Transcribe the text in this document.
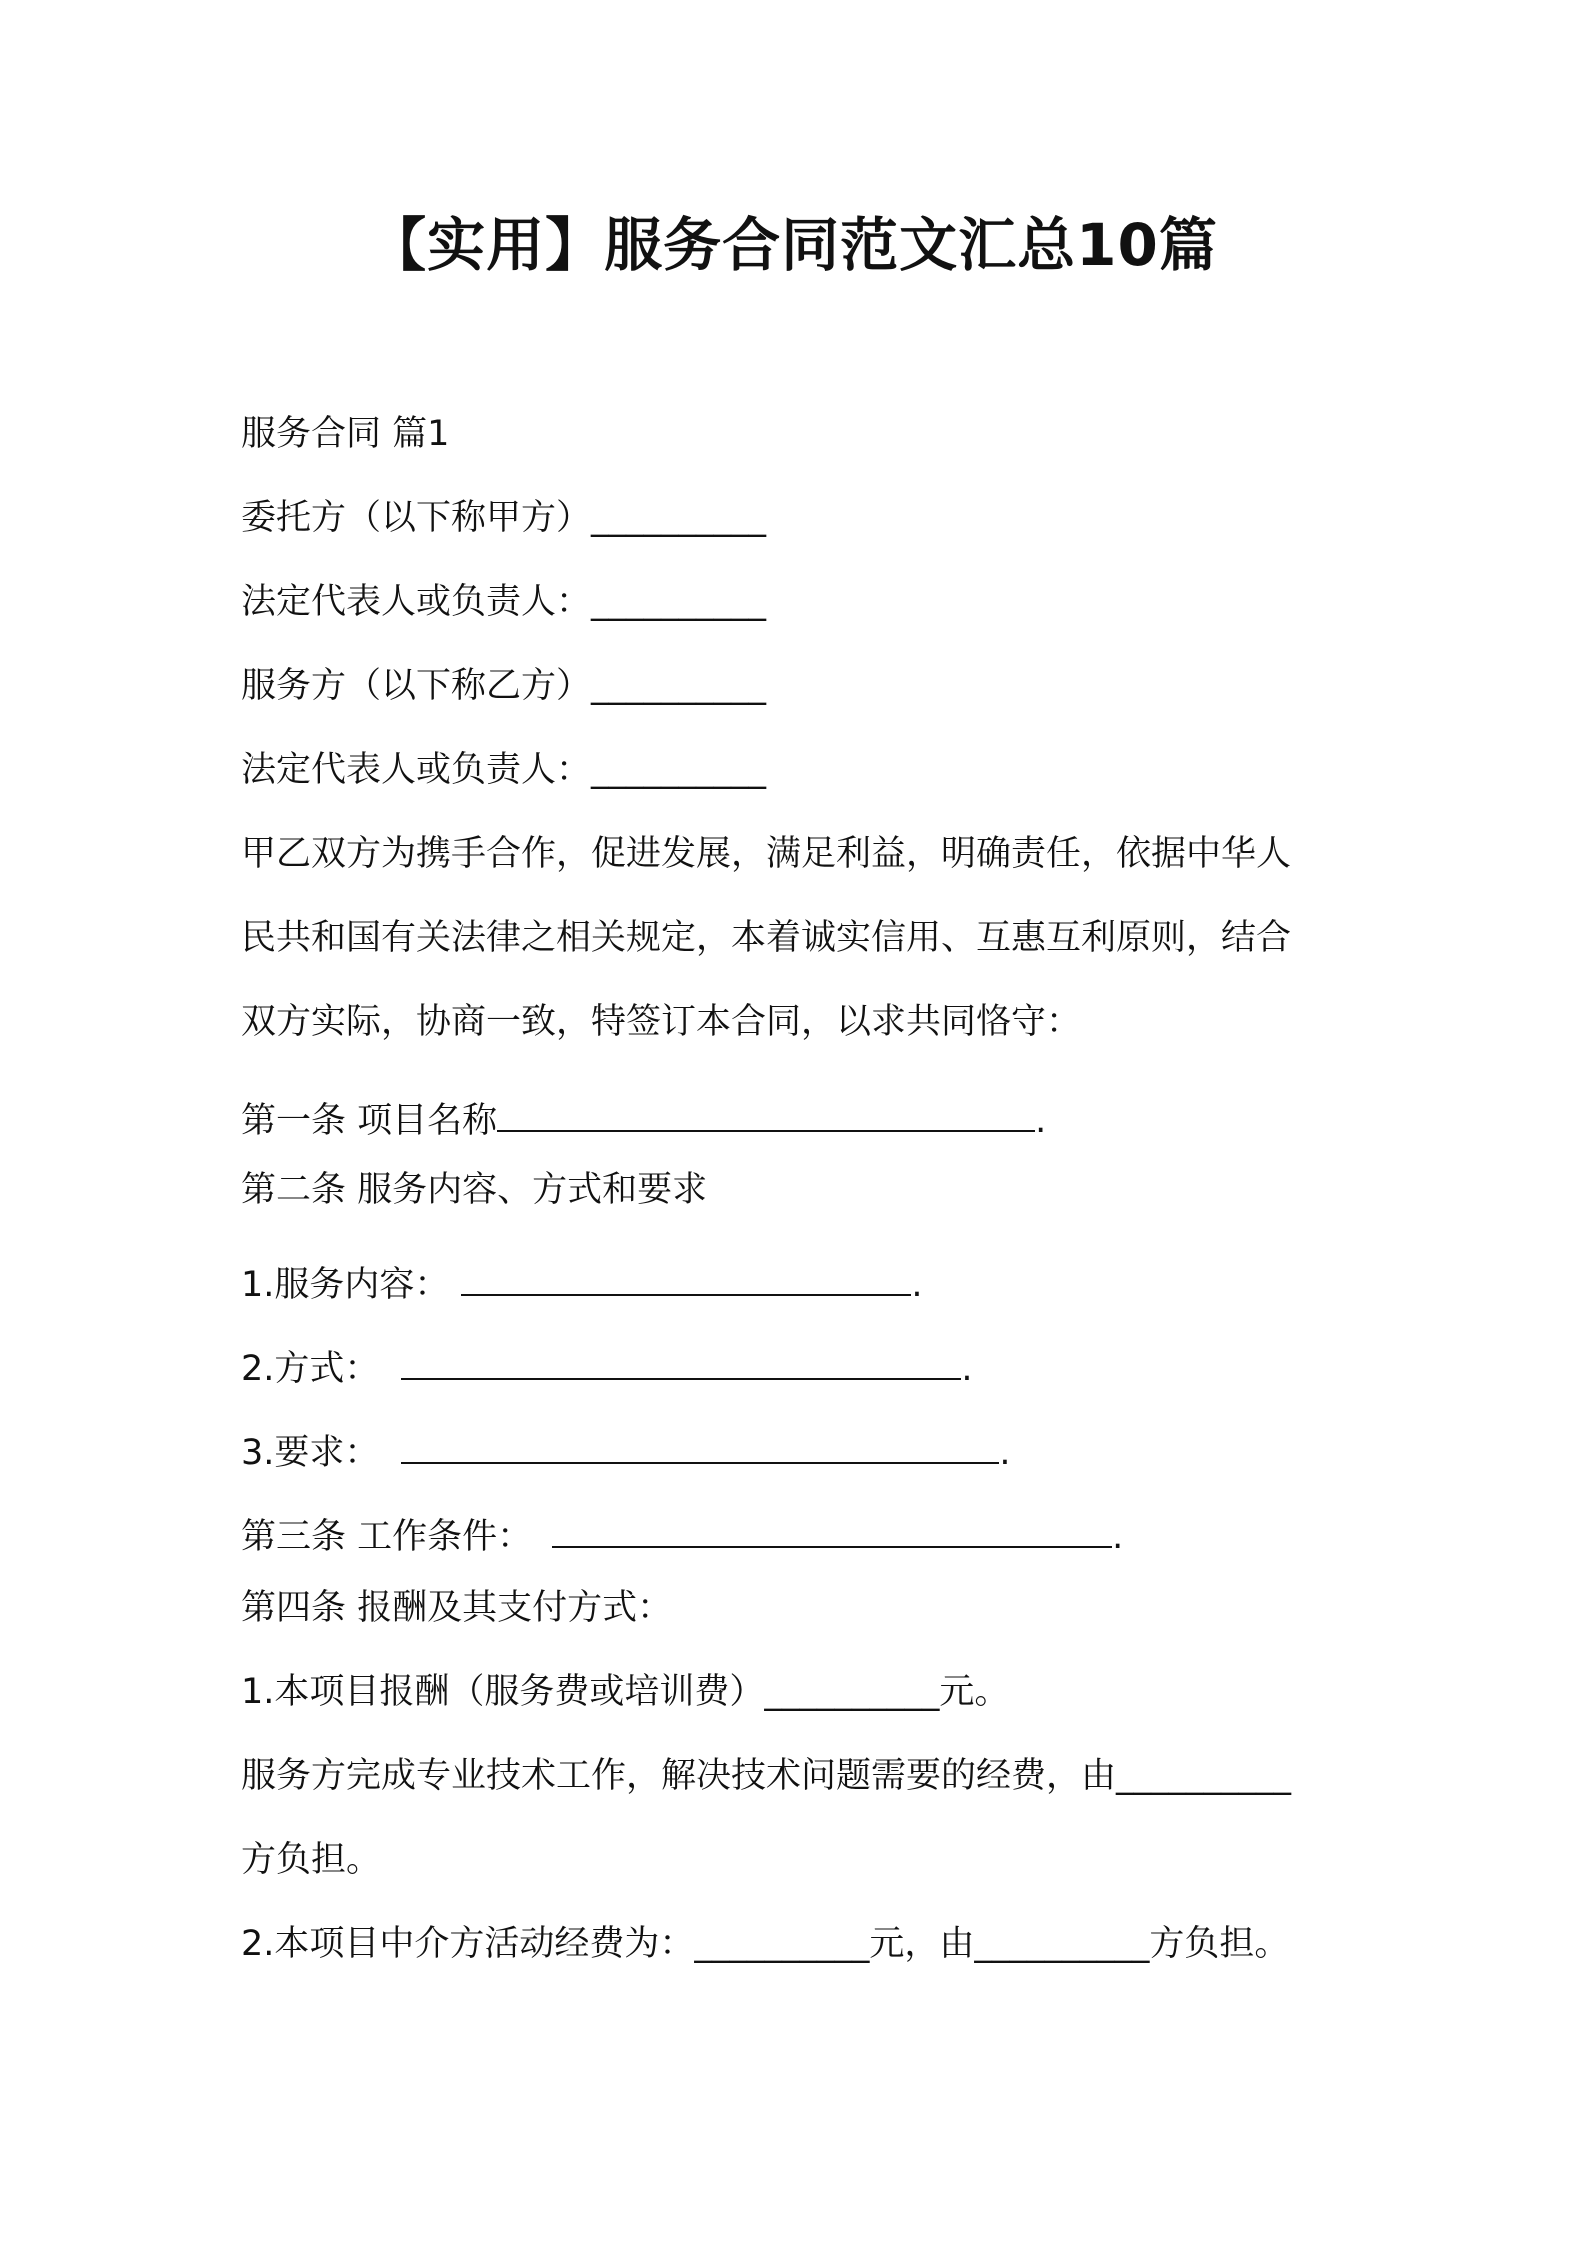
【实用】服务合同范文汇总10篇
服务合同 篇1
委托方（以下称甲方）__________
法定代表人或负责人：__________
服务方（以下称乙方）__________
法定代表人或负责人：__________
甲乙双方为携手合作，促进发展，满足利益，明确责任，依据中华人
民共和国有关法律之相关规定，本着诚实信用、互惠互利原则，结合
双方实际，协商一致，特签订本合同，以求共同恪守：
第一条 项目名称	.
第二条 服务内容、方式和要求
1.服务内容：	.
2.方式：	.
3.要求：	.
第三条 工作条件：	.
第四条 报酬及其支付方式：
1.本项目报酬（服务费或培训费）__________元。
服务方完成专业技术工作，解决技术问题需要的经费，由__________
方负担。
2.本项目中介方活动经费为：__________元，由__________方负担。
